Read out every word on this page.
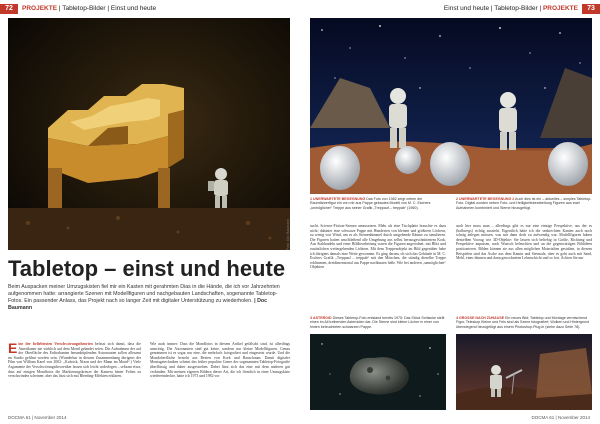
72	PROJEKTE | Tabletop-Bilder | Einst und heute
Foto: Doc Baumann
Tabletop – einst und heute
Beim Auspacken meiner Umzugskisten fiel mir ein Kasten mit gerahmten Dias in die Hände, die ich vor Jahrzehnten aufgenommen hatte: arrangierte Szenen mit Modellfiguren und nachgebauten Landschaften, sogenannte Tabletop-Fotos. Ein passender Anlass, das Projekt nach so langer Zeit mit digitaler Unterstützung zu wiederholen. | Doc Baumann
E ine der beliebtesten Verschwörungstheorien befasst sich damit, dass die Amerikaner nie wirklich auf dem Mond gelandet seien. Die Aufnahmen der auf der Oberfläche des Erdtrabanten herumhüpfenden Astronauten sollen allesamt im Studio gefilmt worden sein. (Wunderbar in diesem Zusammenhang übrigens der Film von William Karel von 2002: „Kubrick, Nixon und der Mann im Mond“.) Viele Argumente der Verschwörungstheoretiker lassen sich leicht widerlegen – seltsam etwa, dass auf einigen Mondfotos die Markierungskreuze der Kamera hinter Folien zu verschwinden scheinen; aber das lässt sich mit Bleeding-Effekten erklären.
Wie auch immer: Dass die Mondfotos in diesem Artikel gefälscht sind, ist allerdings unstrittig. Die Astronauten sind gut keine, sondern nur kleine Modellfiguren. Genau genommen ist es sogar nur eine, die mehrfach fotografiert und eingesetzt wurde. Und die Mondoberfläche besteht aus Resten von Kork und Bauschaum. Damit digitaler Montagetechniken scheint das früher populäre Genre der sogenannten Tabletop-Fotografie überflüssig und daher ausgestorben. Dabei lässt sich das eine mit dem anderen gut verbinden. Mit meinen eigenen Bildern dieser Art, die ich förmlich in einer Umzugskiste wiederentdeckte, hatte ich 1973 und 1982 vor
DOCMA 61 | November 2014
Einst und heute | Tabletop-Bilder | PROJEKTE	73
1 UNERWARTETE BEGEGNUNG Das Foto von 1982 zeigt neben der Raumfahrerfigur ein von mir aus Pappe gebautes Modell von M. C. Eschers „unmöglicher“ Treppe aus seiner Grafik „Treppauf – treppab“ (1960).
2 UNERWARTETE BEGEGNUNG 2 Auch dies ist ein – aktuelles – simples Tabletop-Foto. Digital wurden neben Foto- und Helligkeitsbearbeitung Figuren aus zwei Aufnahmen kombiniert und Sterne hinzugefügt.
sucht, Science-Fiction-Szenen umzusetzen. Mehr als eine Tischplatte brauchte es dazu nicht; dahinter eine schwarze Pappe mit Hunderten von kleinen und größeren Löchern, zu wenig war Wind, um es als Sternenhimmel durch umgebende Räume zu simulieren. Die Figuren hatten anschließend alle Umgebung aus selbst herausgeschnittenem Kork. Aus Stahlnadeln und einer Bildbearbeitung waren die Figuren angeordnet, mit Blitz und zusätzlichen weitergehenden Lichtern. Mit dem Treppenobjekt im Bild gegenüber habe ich übrigens damals eine Wette gewonnen. Es ging darum, ob sich das Gebäude in M. C. Eschers Grafik „Treppauf – treppab“ mit den Mönchen, die ständig dieselbe Treppe erklimmen, dreidimensional aus Pappe nachbauen ließe. Wie bei anderen „unmöglichen“ Objekten
auch hier muss man – allerdings gibt es nur eine einzige Perspektive, aus der es (halbwegs) richtig aussieht. Eigentlich hätte ich die senkrechten Kanten auch noch schräg anlegen müssen, was mir dann doch zu aufwendig war. Modellfiguren haben denselben Vorzug wie 3D-Objekte: Sie lassen sich beliebig in Größe, Richtung und Perspektive anpassen, nach Wunsch beleuchten und an die gegenwärtigen Bildideen positionieren. Bilden können sie aus allen möglichen Materialien gestalten, in diesem Beispielen sind das Asche aus dem Kamin und Steinsalz; aber es geht auch mit Sand, Mehl, einer dünnen und dann getrockneten Lehmschicht und so fort. Achten Sie nur
3 ASTEROID Dieses Tabletop-Foto entstand bereits 1975: Das Stück Schlacke stellt einen im All treibenden Asteroiden dar. Die Sterne sind kleine Löcher in einer von hinten beleuchteten schwarzen Pappe.
4 GRÖSSE NACH ZUHAUSE Ein neues Bild; Tabletop und Montage vermischend Figur, Teleskop Kleine und Fels sind als Szene fotografiert; Wolken und Hintergrund überwiegend hinzugefügt aus einem Photoshop-Plug-in (siehe dazu Seite 78).
DOCMA 61 | November 2014
